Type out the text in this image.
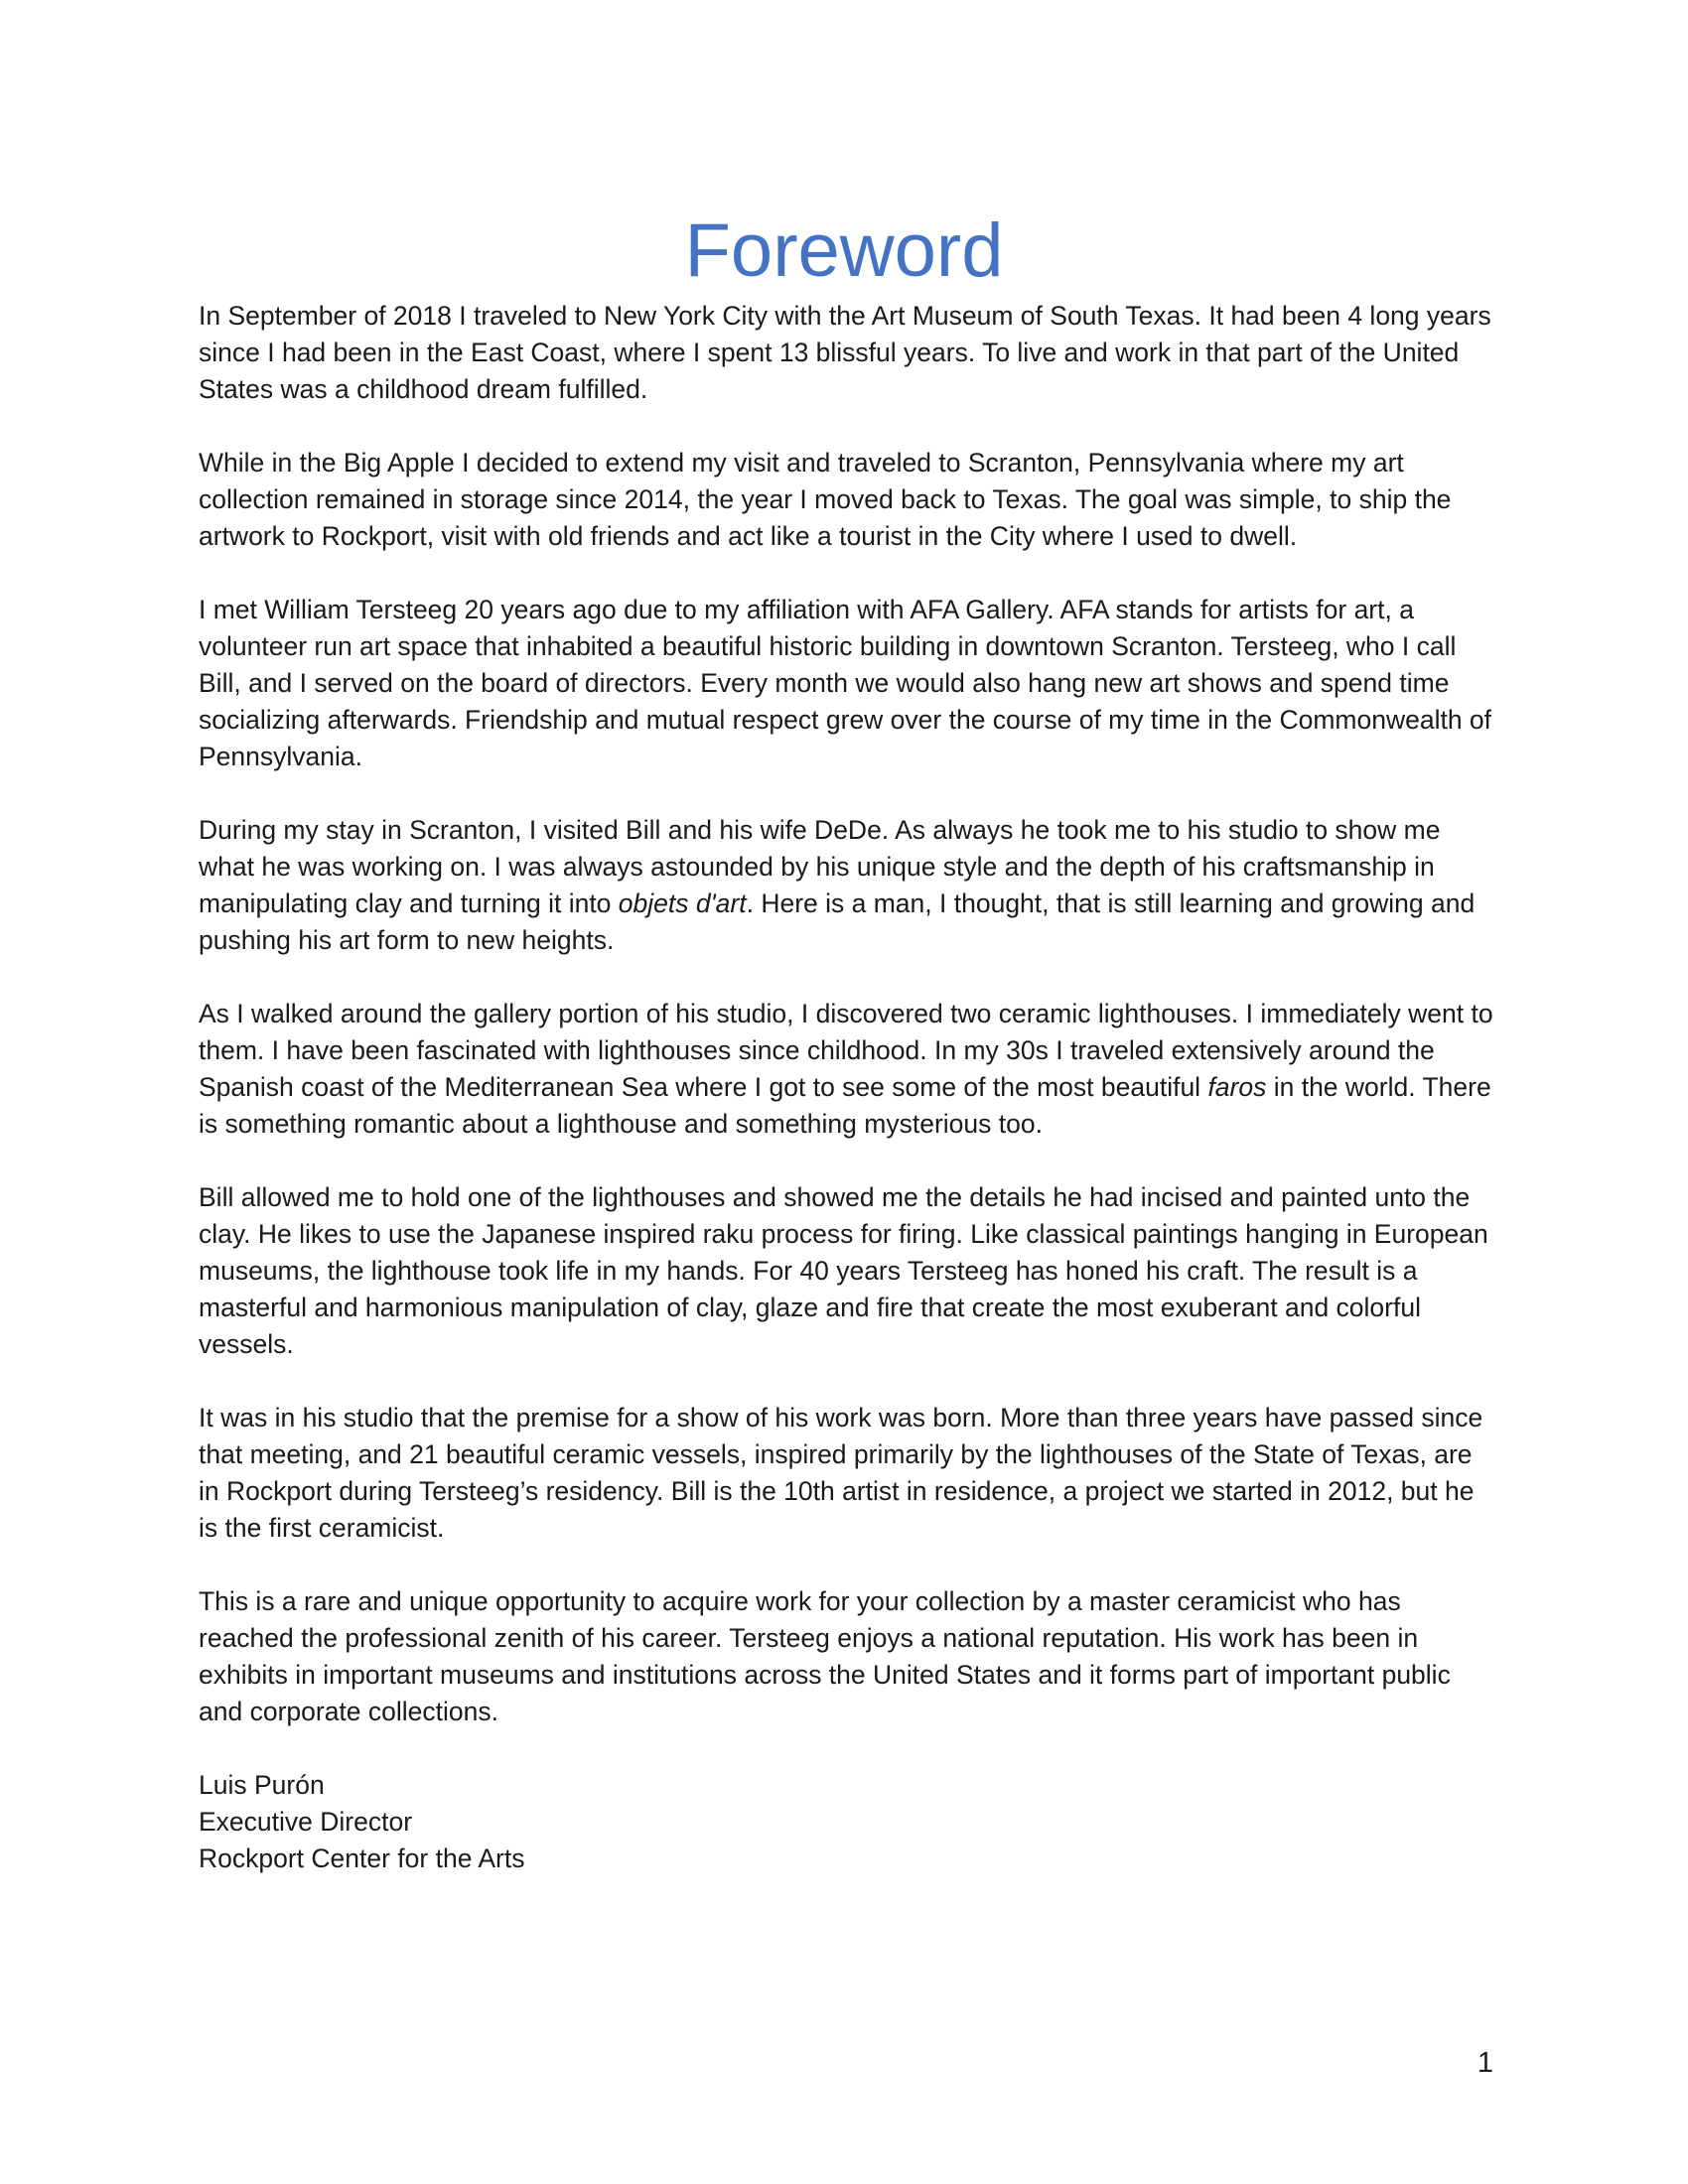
Foreword

In September of 2018 I traveled to New York City with the Art Museum of South Texas. It had been 4 long years since I had been in the East Coast, where I spent 13 blissful years. To live and work in that part of the United States was a childhood dream fulfilled.

While in the Big Apple I decided to extend my visit and traveled to Scranton, Pennsylvania where my art collection remained in storage since 2014, the year I moved back to Texas. The goal was simple, to ship the artwork to Rockport, visit with old friends and act like a tourist in the City where I used to dwell.

I met William Tersteeg 20 years ago due to my affiliation with AFA Gallery. AFA stands for artists for art, a volunteer run art space that inhabited a beautiful historic building in downtown Scranton. Tersteeg, who I call Bill, and I served on the board of directors. Every month we would also hang new art shows and spend time socializing afterwards. Friendship and mutual respect grew over the course of my time in the Commonwealth of Pennsylvania.

During my stay in Scranton, I visited Bill and his wife DeDe. As always he took me to his studio to show me what he was working on. I was always astounded by his unique style and the depth of his craftsmanship in manipulating clay and turning it into objets d'art. Here is a man, I thought, that is still learning and growing and pushing his art form to new heights.

As I walked around the gallery portion of his studio, I discovered two ceramic lighthouses. I immediately went to them. I have been fascinated with lighthouses since childhood. In my 30s I traveled extensively around the Spanish coast of the Mediterranean Sea where I got to see some of the most beautiful faros in the world. There is something romantic about a lighthouse and something mysterious too.

Bill allowed me to hold one of the lighthouses and showed me the details he had incised and painted unto the clay. He likes to use the Japanese inspired raku process for firing. Like classical paintings hanging in European museums, the lighthouse took life in my hands. For 40 years Tersteeg has honed his craft. The result is a masterful and harmonious manipulation of clay, glaze and fire that create the most exuberant and colorful vessels.

It was in his studio that the premise for a show of his work was born. More than three years have passed since that meeting, and 21 beautiful ceramic vessels, inspired primarily by the lighthouses of the State of Texas, are in Rockport during Tersteeg’s residency. Bill is the 10th artist in residence, a project we started in 2012, but he is the first ceramicist.

This is a rare and unique opportunity to acquire work for your collection by a master ceramicist who has reached the professional zenith of his career. Tersteeg enjoys a national reputation. His work has been in exhibits in important museums and institutions across the United States and it forms part of important public and corporate collections.

Luis Purón
Executive Director
Rockport Center for the Arts
1
